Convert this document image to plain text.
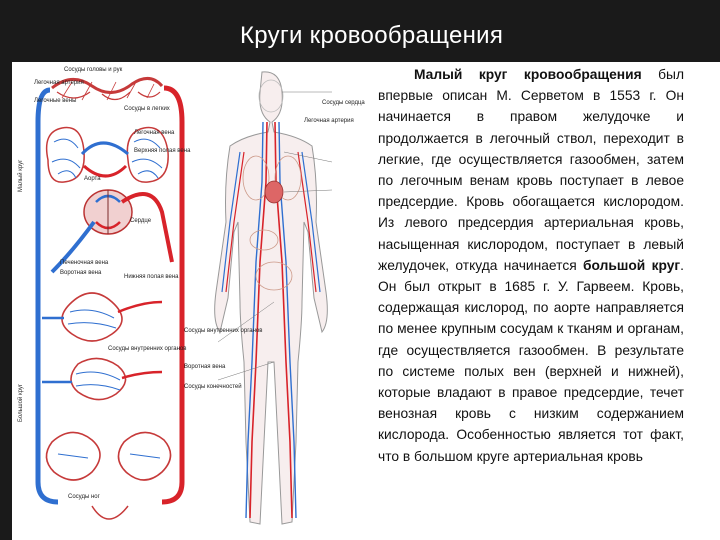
Круги кровообращения
Сосуды головы и рук
Легочная артерия
Легочные вены
Сосуды в легких
Легочная вена
Верхняя полая вена
Аорта
Сердце
Нижняя полая вена
Печеночная вена
Воротная вена
Сосуды внутренних органов
Сосуды ног
Малый круг
Большой круг
Сосуды сердца
Легочная артерия
Сосуды внутренних органов
Воротная вена
Сосуды конечностей

Малый круг кровообращения был впервые описан М. Серветом в 1553 г. Он начинается в правом желудочке и продолжается в легочный ствол, переходит в легкие, где осуществляется газообмен, затем по легочным венам кровь поступает в левое предсердие. Кровь обогащается кислородом. Из левого предсердия артериальная кровь, насыщенная кислородом, поступает в левый желудочек, откуда начинается большой круг. Он был открыт в 1685 г. У. Гарвеем. Кровь, содержащая кислород, по аорте направляется по менее крупным сосудам к тканям и органам, где осуществляется газообмен. В результате по системе полых вен (верхней и нижней), которые владают в правое предсердие, течет венозная кровь с низким содержанием кислорода. Особенностью является тот факт, что в большом круге артериальная кровь
